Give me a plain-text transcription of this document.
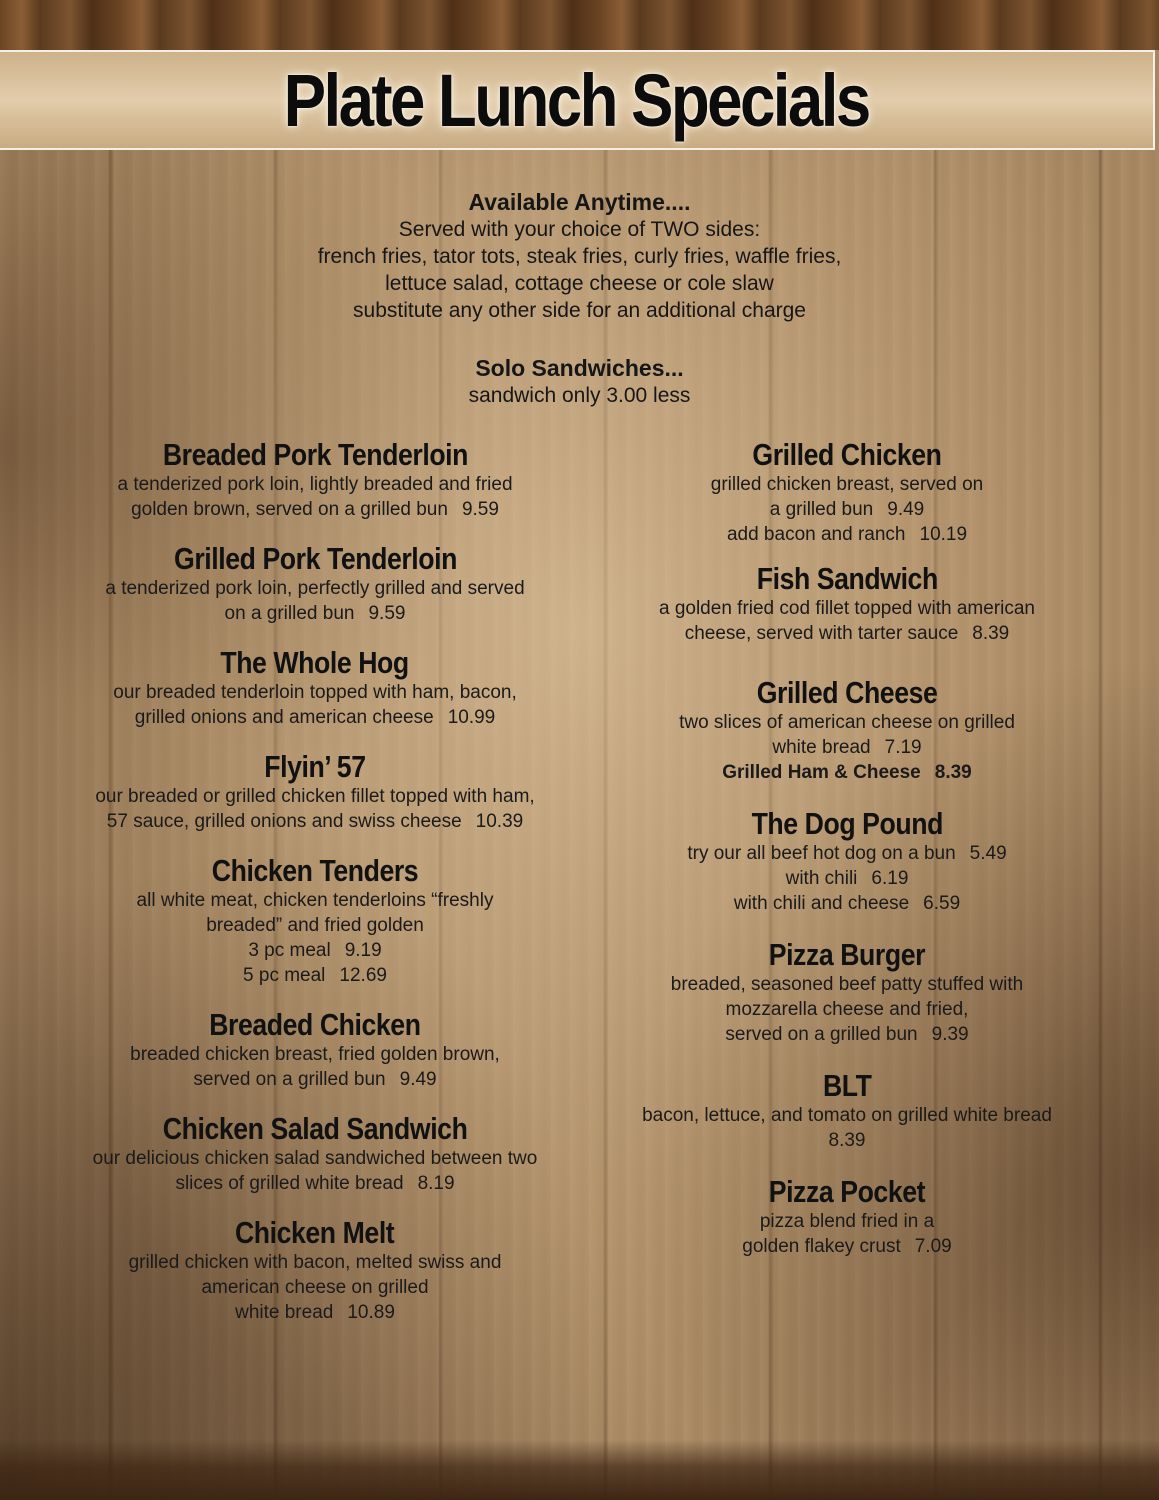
Plate Lunch Specials
Available Anytime....
Served with your choice of TWO sides:
french fries, tator tots, steak fries, curly fries, waffle fries,
lettuce salad, cottage cheese or cole slaw
substitute any other side for an additional charge
Solo Sandwiches...
sandwich only 3.00 less
Breaded Pork Tenderloin
a tenderized pork loin, lightly breaded and fried
golden brown, served on a grilled bun 9.59
Grilled Pork Tenderloin
a tenderized pork loin, perfectly grilled and served
on a grilled bun 9.59
The Whole Hog
our breaded tenderloin topped with ham, bacon,
grilled onions and american cheese 10.99
Flyin’ 57
our breaded or grilled chicken fillet topped with ham,
57 sauce, grilled onions and swiss cheese 10.39
Chicken Tenders
all white meat, chicken tenderloins “freshly
breaded” and fried golden
3 pc meal 9.19
5 pc meal 12.69
Breaded Chicken
breaded chicken breast, fried golden brown,
served on a grilled bun 9.49
Chicken Salad Sandwich
our delicious chicken salad sandwiched between two
slices of grilled white bread 8.19
Chicken Melt
grilled chicken with bacon, melted swiss and
american cheese on grilled
white bread 10.89
Grilled Chicken
grilled chicken breast, served on
a grilled bun 9.49
add bacon and ranch 10.19
Fish Sandwich
a golden fried cod fillet topped with american
cheese, served with tarter sauce 8.39
Grilled Cheese
two slices of american cheese on grilled
white bread 7.19
Grilled Ham & Cheese 8.39
The Dog Pound
try our all beef hot dog on a bun 5.49
with chili 6.19
with chili and cheese 6.59
Pizza Burger
breaded, seasoned beef patty stuffed with
mozzarella cheese and fried,
served on a grilled bun 9.39
BLT
bacon, lettuce, and tomato on grilled white bread
8.39
Pizza Pocket
pizza blend fried in a
golden flakey crust 7.09
